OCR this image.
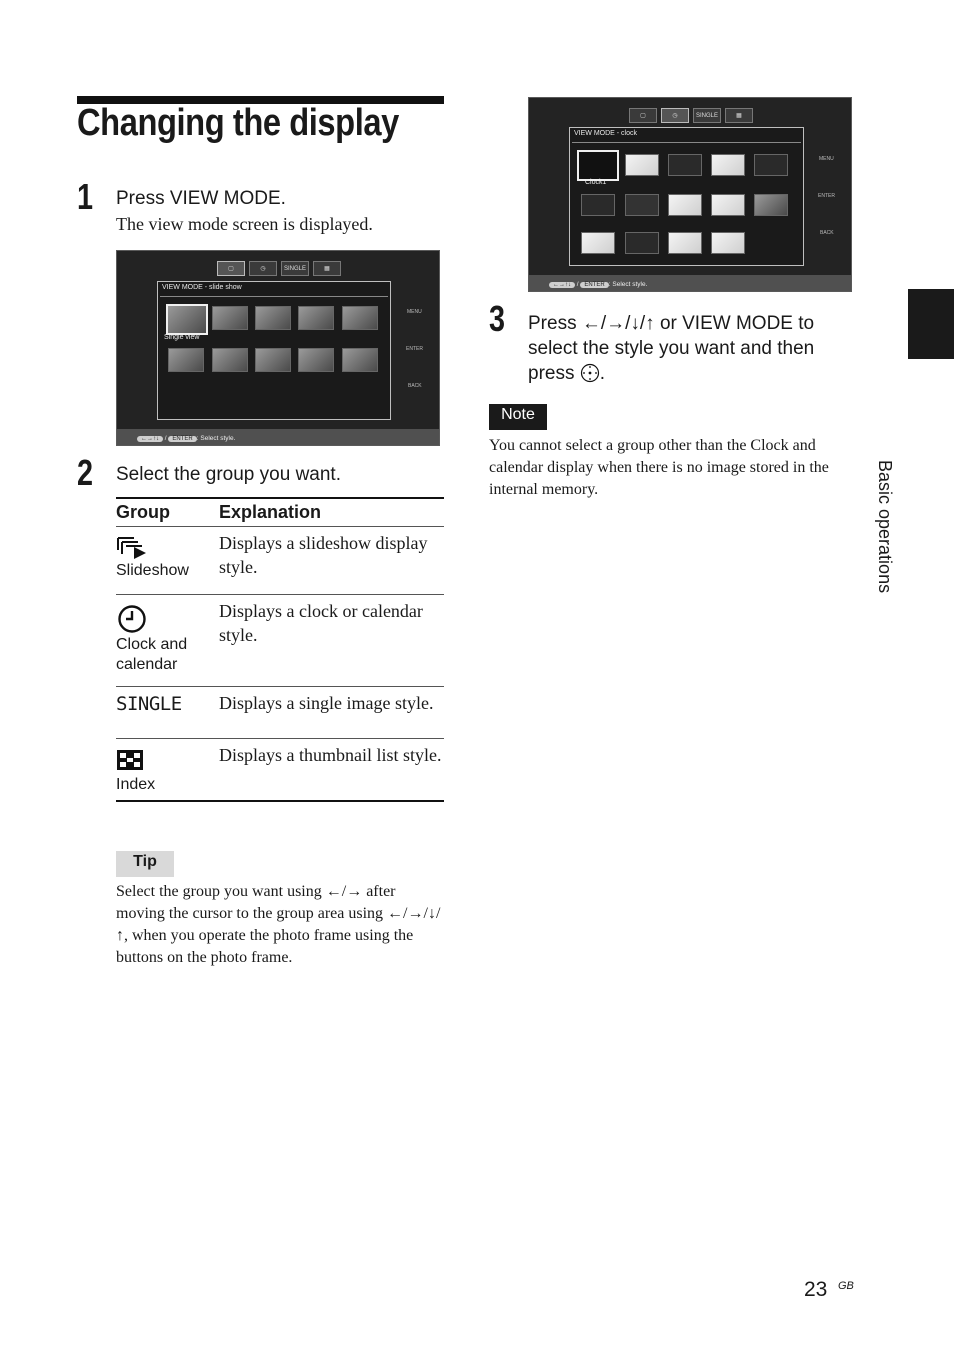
Changing the display
1 Press VIEW MODE.
The view mode screen is displayed.
▢	◷	SINGLE	▦
VIEW MODE - slide show
Single view
MENU
ENTER
BACK
←→↑↓ / ENTER : Select style.
2 Select the group you want.
Group	Explanation

Slideshow	Displays a slideshow display style.

Clock and calendar	Displays a clock or calendar style.

SINGLE	Displays a single image style.

Index	Displays a thumbnail list style.
Tip
Select the group you want using ←/→ after moving the cursor to the group area using ←/→/↓/↑, when you operate the photo frame using the buttons on the photo frame.
▢	◷	SINGLE	▦
VIEW MODE - clock
Clock1
MENU
ENTER
BACK
←→↑↓ / ENTER : Select style.
3 Press ←/→/↓/↑ or VIEW MODE to
select the style you want and then
press .
Note
You cannot select a group other than the Clock and calendar display when there is no image stored in the internal memory.	Basic operations
23 GB
